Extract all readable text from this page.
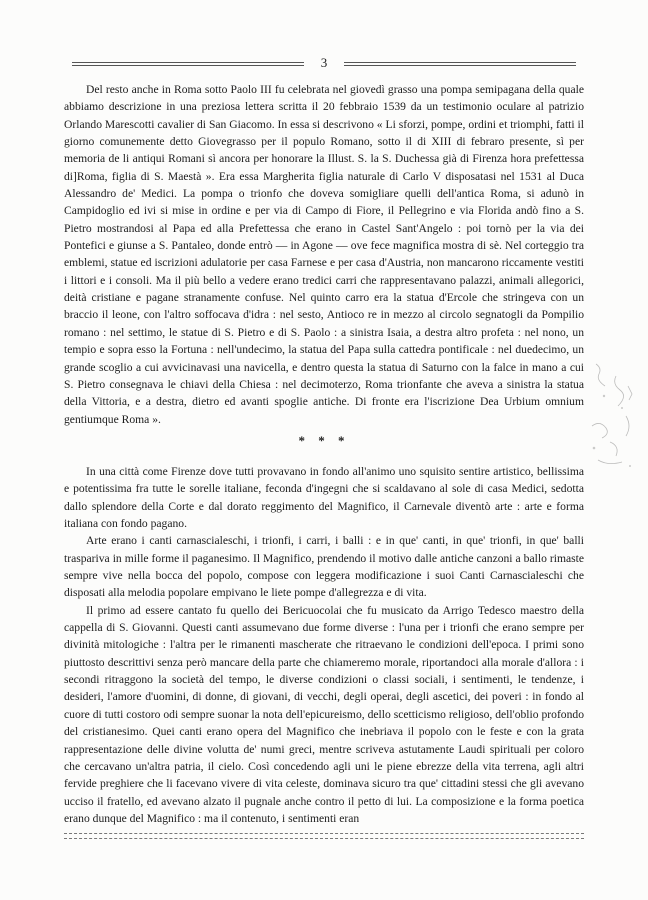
3

Del resto anche in Roma sotto Paolo III fu celebrata nel giovedì grasso una pompa semipagana della quale abbiamo descrizione in una preziosa lettera scritta il 20 febbraio 1539 da un testimonio oculare al patrizio Orlando Marescotti cavalier di San Giacomo. In essa si descrivono « Li sforzi, pompe, ordini et triomphi, fatti il giorno comunemente detto Giovegrasso per il populo Romano, sotto il di XIII di febraro presente, sì per memoria de li antiqui Romani sì ancora per honorare la Illust. S. la S. Duchessa già di Firenza hora prefettessa di]Roma, figlia di S. Maestà ». Era essa Margherita figlia naturale di Carlo V disposatasi nel 1531 al Duca Alessandro de' Medici. La pompa o trionfo che doveva somigliare quelli dell'antica Roma, si adunò in Campidoglio ed ivi si mise in ordine e per via di Campo di Fiore, il Pellegrino e via Florida andò fino a S. Pietro mostrandosi al Papa ed alla Prefettessa che erano in Castel Sant'Angelo : poi tornò per la via dei Pontefici e giunse a S. Pantaleo, donde entrò — in Agone — ove fece magnifica mostra di sè. Nel corteggio tra emblemi, statue ed iscrizioni adulatorie per casa Farnese e per casa d'Austria, non mancarono riccamente vestiti i littori e i consoli. Ma il più bello a vedere erano tredici carri che rappresentavano palazzi, animali allegorici, deità cristiane e pagane stranamente confuse. Nel quinto carro era la statua d'Ercole che stringeva con un braccio il leone, con l'altro soffocava d'idra : nel sesto, Antioco re in mezzo al circolo segnatogli da Pompilio romano : nel settimo, le statue di S. Pietro e di S. Paolo : a sinistra Isaia, a destra altro profeta : nel nono, un tempio e sopra esso la Fortuna : nell'undecimo, la statua del Papa sulla cattedra pontificale : nel duedecimo, un grande scoglio a cui avvicinavasi una navicella, e dentro questa la statua di Saturno con la falce in mano a cui S. Pietro consegnava le chiavi della Chiesa : nel decimoterzo, Roma trionfante che aveva a sinistra la statua della Vittoria, e a destra, dietro ed avanti spoglie antiche. Di fronte era l'iscrizione Dea Urbium omnium gentiumque Roma ».

* * *

In una città come Firenze dove tutti provavano in fondo all'animo uno squisito sentire artistico, bellissima e potentissima fra tutte le sorelle italiane, feconda d'ingegni che si scaldavano al sole di casa Medici, sedotta dallo splendore della Corte e dal dorato reggimento del Magnifico, il Carnevale diventò arte : arte e forma italiana con fondo pagano.

Arte erano i canti carnascialeschi, i trionfi, i carri, i balli : e in que' canti, in que' trionfi, in que' balli traspariva in mille forme il paganesimo. Il Magnifico, prendendo il motivo dalle antiche canzoni a ballo rimaste sempre vive nella bocca del popolo, compose con leggera modificazione i suoi Canti Carnascialeschi che disposati alla melodia popolare empivano le liete pompe d'allegrezza e di vita.

Il primo ad essere cantato fu quello dei Bericuocolai che fu musicato da Arrigo Tedesco maestro della cappella di S. Giovanni. Questi canti assumevano due forme diverse : l'una per i trionfi che erano sempre per divinità mitologiche : l'altra per le rimanenti mascherate che ritraevano le condizioni dell'epoca. I primi sono piuttosto descrittivi senza però mancare della parte che chiameremo morale, riportandoci alla morale d'allora : i secondi ritraggono la società del tempo, le diverse condizioni o classi sociali, i sentimenti, le tendenze, i desideri, l'amore d'uomini, di donne, di giovani, di vecchi, degli operai, degli ascetici, dei poveri : in fondo al cuore di tutti costoro odi sempre suonar la nota dell'epicureismo, dello scetticismo religioso, dell'oblio profondo del cristianesimo. Quei canti erano opera del Magnifico che inebriava il popolo con le feste e con la grata rappresentazione delle divine volutta de' numi greci, mentre scriveva astutamente Laudi spirituali per coloro che cercavano un'altra patria, il cielo. Così concedendo agli uni le piene ebrezze della vita terrena, agli altri fervide preghiere che li facevano vivere di vita celeste, dominava sicuro tra que' cittadini stessi che gli avevano ucciso il fratello, ed avevano alzato il pugnale anche contro il petto di lui. La composizione e la forma poetica erano dunque del Magnifico : ma il contenuto, i sentimenti eran
